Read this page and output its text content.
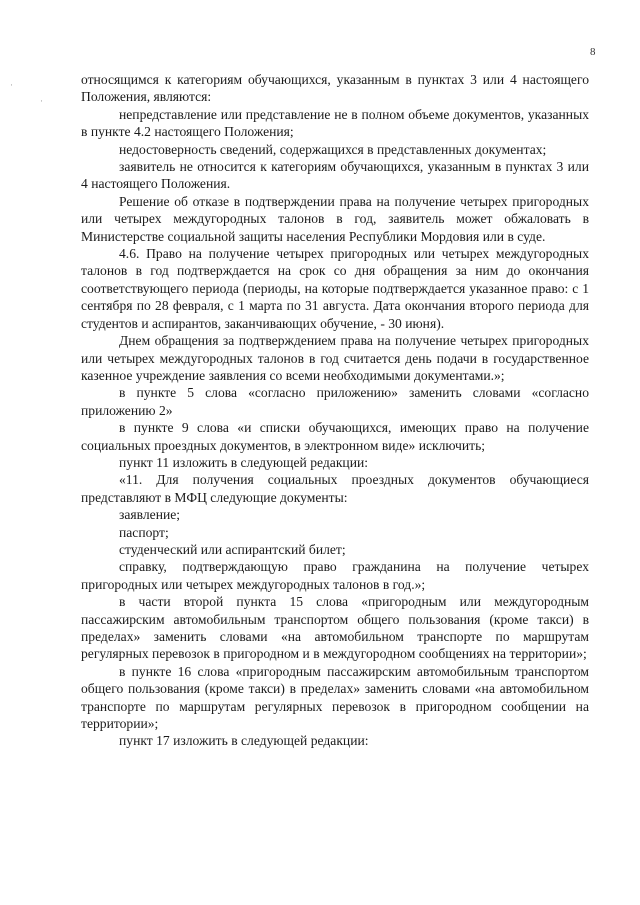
8
·
·

относящимся к категориям обучающихся, указанным в пунктах 3 или 4 настоящего Положения, являются:

непредставление или представление не в полном объеме документов, указанных в пункте 4.2 настоящего Положения;

недостоверность сведений, содержащихся в представленных документах;

заявитель не относится к категориям обучающихся, указанным в пунктах 3 или 4 настоящего Положения.

Решение об отказе в подтверждении права на получение четырех пригородных или четырех междугородных талонов в год, заявитель может обжаловать в Министерстве социальной защиты населения Республики Мордовия или в суде.

4.6. Право на получение четырех пригородных или четырех междугородных талонов в год подтверждается на срок со дня обращения за ним до окончания соответствующего периода (периоды, на которые подтверждается указанное право: с 1 сентября по 28 февраля, с 1 марта по 31 августа. Дата окончания второго периода для студентов и аспирантов, заканчивающих обучение, - 30 июня).

Днем обращения за подтверждением права на получение четырех пригородных или четырех междугородных талонов в год считается день подачи в государственное казенное учреждение заявления со всеми необходимыми документами.»;

в пункте 5 слова «согласно приложению» заменить словами «согласно приложению 2»

в пункте 9 слова «и списки обучающихся, имеющих право на получение социальных проездных документов, в электронном виде» исключить;

пункт 11 изложить в следующей редакции:

«11. Для получения социальных проездных документов обучающиеся представляют в МФЦ следующие документы:

заявление;

паспорт;

студенческий или аспирантский билет;

справку, подтверждающую право гражданина на получение четырех пригородных или четырех междугородных талонов в год.»;

в части второй пункта 15 слова «пригородным или междугородным пассажирским автомобильным транспортом общего пользования (кроме такси) в пределах» заменить словами «на автомобильном транспорте по маршрутам регулярных перевозок в пригородном и в междугородном сообщениях на территории»;

в пункте 16 слова «пригородным пассажирским автомобильным транспортом общего пользования (кроме такси) в пределах» заменить словами «на автомобильном транспорте по маршрутам регулярных перевозок в пригородном сообщении на территории»;

пункт 17 изложить в следующей редакции:
